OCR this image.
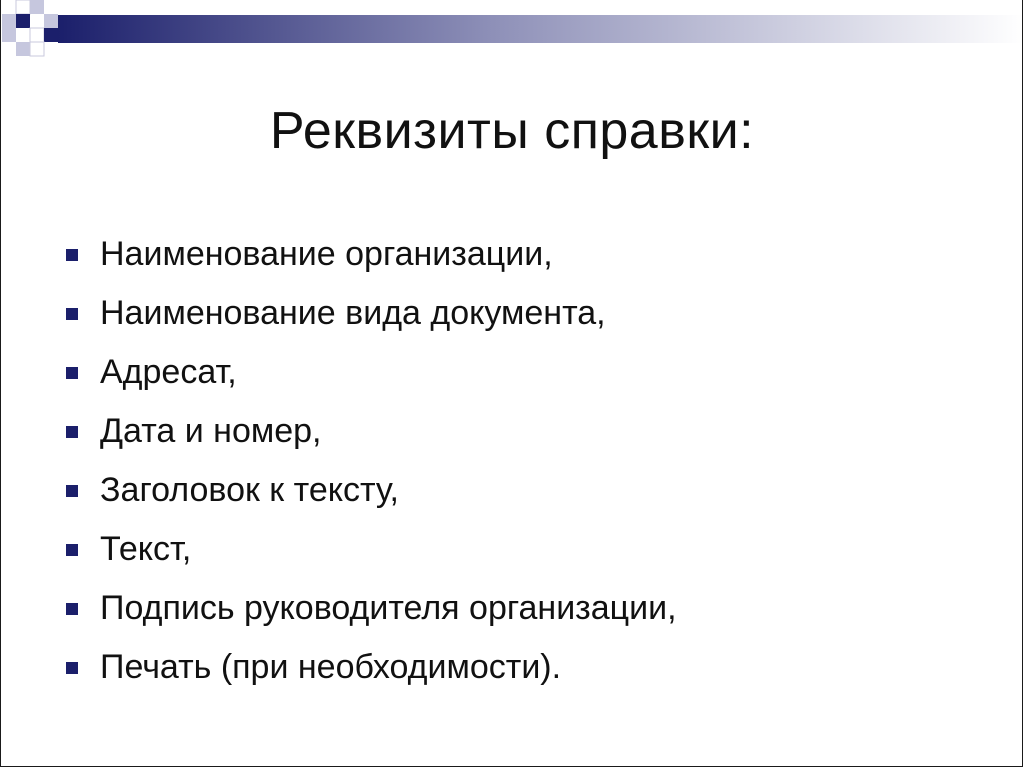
Реквизиты справки:
Наименование организации,
Наименование вида документа,
Адресат,
Дата и номер,
Заголовок к тексту,
Текст,
Подпись руководителя организации,
Печать (при необходимости).
